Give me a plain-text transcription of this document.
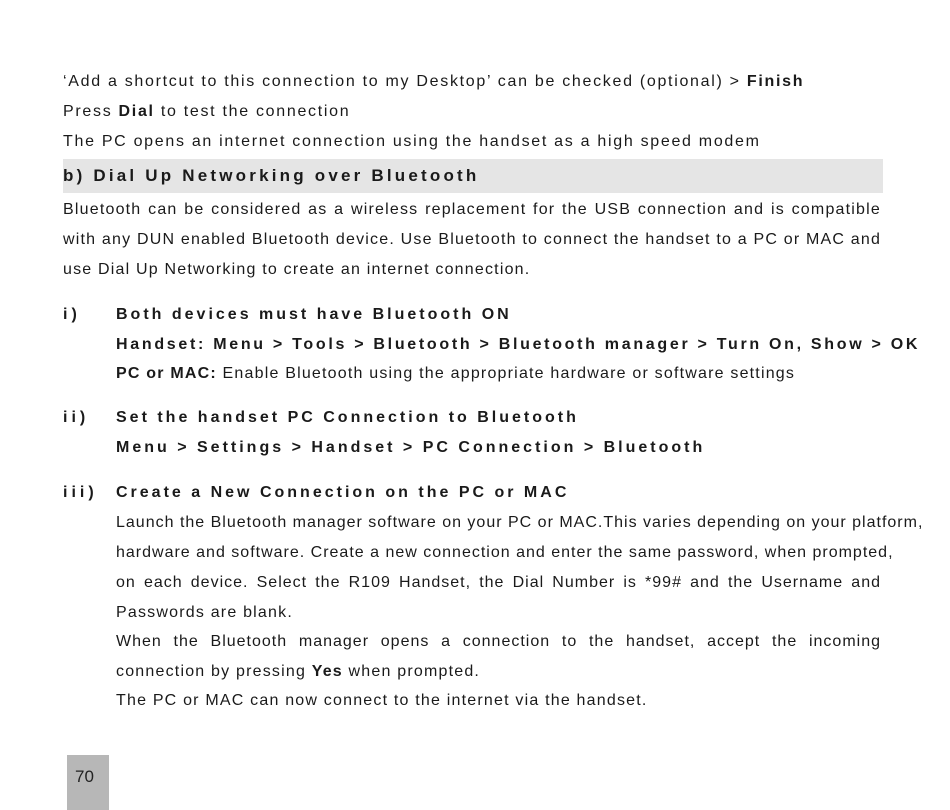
‘Add a shortcut to this connection to my Desktop’ can be checked (optional) > Finish
Press Dial to test the connection
The PC opens an internet connection using the handset as a high speed modem
b) Dial Up Networking over Bluetooth
Bluetooth can be considered as a wireless replacement for the USB connection and is compatible
with any DUN enabled Bluetooth device. Use Bluetooth to connect the handset to a PC or MAC and
use Dial Up Networking to create an internet connection.
i) Both devices must have Bluetooth ON
Handset: Menu > Tools > Bluetooth > Bluetooth manager > Turn On, Show > OK
PC or MAC: Enable Bluetooth using the appropriate hardware or software settings
ii) Set the handset PC Connection to Bluetooth
Menu > Settings > Handset > PC Connection > Bluetooth
iii) Create a New Connection on the PC or MAC
Launch the Bluetooth manager software on your PC or MAC.This varies depending on your platform,
hardware and software. Create a new connection and enter the same password, when prompted,
on each device. Select the R109 Handset, the Dial Number is *99# and the Username and
Passwords are blank.
When the Bluetooth manager opens a connection to the handset, accept the incoming
connection by pressing Yes when prompted.
The PC or MAC can now connect to the internet via the handset.
70
